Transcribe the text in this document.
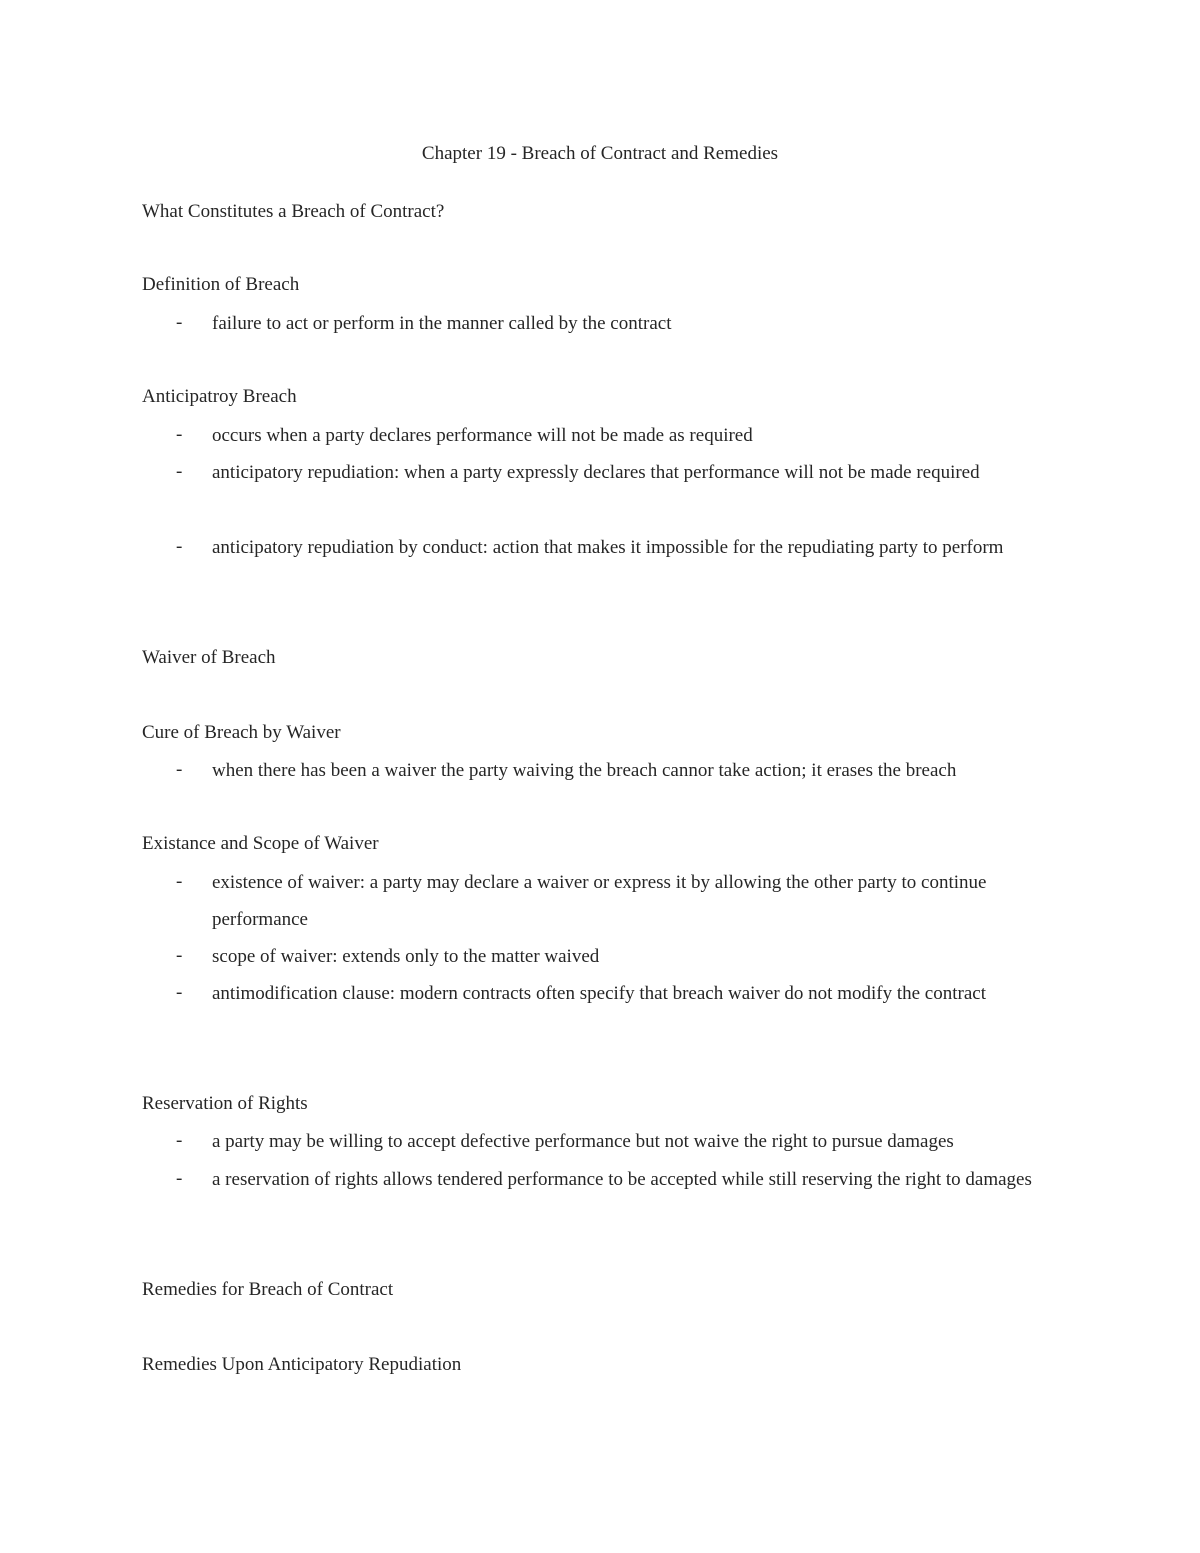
Chapter 19 - Breach of Contract and Remedies

What Constitutes a Breach of Contract?

Definition of Breach

- failure to act or perform in the manner called by the contract

Anticipatroy Breach

- occurs when a party declares performance will not be made as required
- anticipatory repudiation: when a party expressly declares that performance will not be made required
- anticipatory repudiation by conduct: action that makes it impossible for the repudiating party to perform

Waiver of Breach

Cure of Breach by Waiver

- when there has been a waiver the party waiving the breach cannor take action; it erases the breach

Existance and Scope of Waiver

- existence of waiver: a party may declare a waiver or express it by allowing the other party to continue performance
- scope of waiver: extends only to the matter waived
- antimodification clause: modern contracts often specify that breach waiver do not modify the contract

Reservation of Rights

- a party may be willing to accept defective performance but not waive the right to pursue damages
- a reservation of rights allows tendered performance to be accepted while still reserving the right to damages

Remedies for Breach of Contract

Remedies Upon Anticipatory Repudiation
